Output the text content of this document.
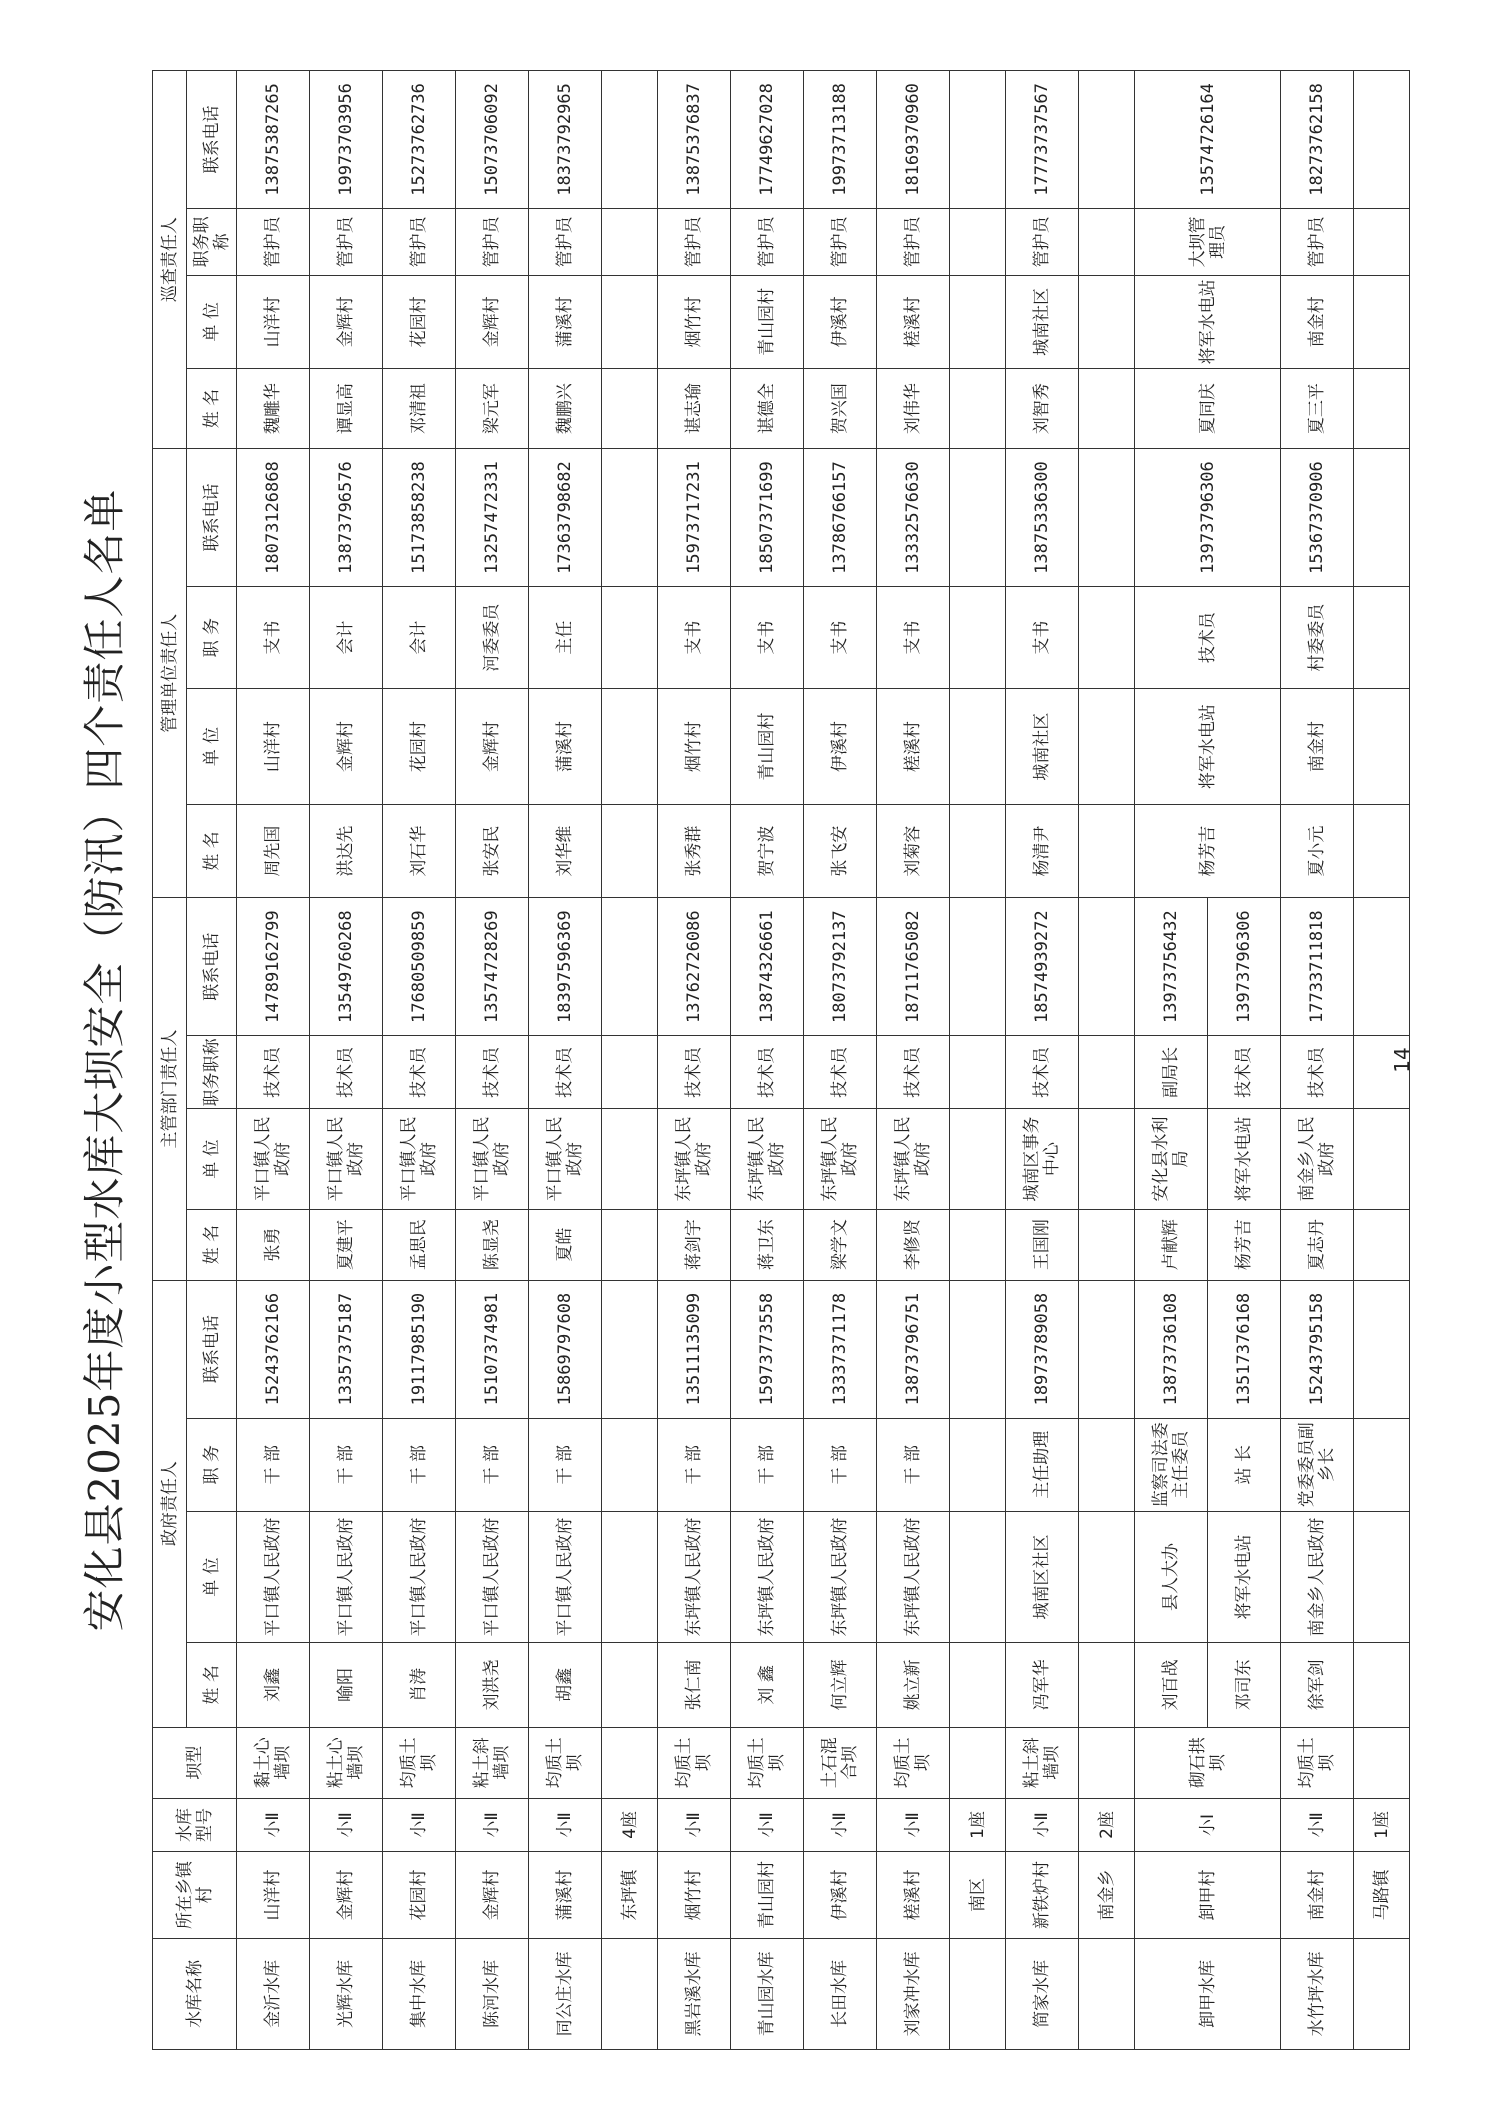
安化县2025年度小型水库大坝安全（防汛）四个责任人名单
水库名称	所在乡镇村	水库型号	坝型	政府责任人				主管部门责任人				管理单位责任人				巡查责任人			
				姓 名	单 位	职 务	联系电话	姓 名	单 位	职务职称	联系电话	姓 名	单 位	职 务	联系电话	姓 名	单 位	职务职称	联系电话
金沂水库	山洋村	小Ⅱ	黏土心墙坝	刘鑫	平口镇人民政府	干 部	15243762166	张勇	平口镇人民政府	技术员	14789162799	周先国	山洋村	支书	18073126868	魏雕华	山洋村	管护员	13875387265
光辉水库	金辉村	小Ⅱ	粘土心墙坝	喻阳	平口镇人民政府	干 部	13357375187	夏建平	平口镇人民政府	技术员	13549760268	洪达先	金辉村	会计	13873796576	谭显高	金辉村	管护员	19973703956
集中水库	花园村	小Ⅱ	均质土坝	肖涛	平口镇人民政府	干 部	19117985190	孟思民	平口镇人民政府	技术员	17680509859	刘石华	花园村	会计	15173858238	邓清祖	花园村	管护员	15273762736
陈河水库	金辉村	小Ⅱ	粘土斜墙坝	刘洪尧	平口镇人民政府	干 部	15107374981	陈显尧	平口镇人民政府	技术员	13574728269	张安民	金辉村	河委委员	13257472331	梁元军	金辉村	管护员	15073706092
同公庄水库	蒲溪村	小Ⅱ	均质土坝	胡鑫	平口镇人民政府	干 部	15869797608	夏皓	平口镇人民政府	技术员	18397596369	刘华维	蒲溪村	主任	17363798682	魏鹏兴	蒲溪村	管护员	18373792965
	东坪镇	4座																	
黑岩溪水库	烟竹村	小Ⅱ	均质土坝	张仁南	东坪镇人民政府	干 部	13511135099	蒋剑宇	东坪镇人民政府	技术员	13762726086	张秀群	烟竹村	支书	15973717231	谌志瑜	烟竹村	管护员	13875376837
青山园水库	青山园村	小Ⅱ	均质土坝	刘 鑫	东坪镇人民政府	干 部	15973773558	蒋卫东	东坪镇人民政府	技术员	13874326661	贺宁波	青山园村	支书	18507371699	谌德全	青山园村	管护员	17749627028
长田水库	伊溪村	小Ⅱ	土石混合坝	何立辉	东坪镇人民政府	干 部	13337371178	梁学文	东坪镇人民政府	技术员	18073792137	张飞安	伊溪村	支书	13786766157	贺兴国	伊溪村	管护员	19973713188
刘家冲水库	槎溪村	小Ⅱ	均质土坝	姚立新	东坪镇人民政府	干 部	13873796751	李修贤	东坪镇人民政府	技术员	18711765082	刘菊容	槎溪村	支书	13332576630	刘伟华	槎溪村	管护员	18169370960
	南区	1座																	
简家水库	新铁炉村	小Ⅱ	粘土斜墙坝	冯军华	城南区社区	主任助理	18973789058	王国刚	城南区事务中心	技术员	18574939272	杨清尹	城南社区	支书	13875336300	刘智秀	城南社区	管护员	17773737567
	南金乡	2座																	
卸甲水库	卸甲村	小Ⅰ	砌石拱坝	刘百战	县人大办	监察司法委主任委员	13873736108	卢献辉	安化县水利局	副局长	13973756432	杨芳吉	将军水电站	技术员	13973796306	夏同庆	将军水电站	大坝管理员	13574726164
				邓司东	将军水电站	站 长	13517376168	杨芳吉	将军水电站	技术员	13973796306								
水竹坪水库	南金村	小Ⅱ	均质土坝	徐军剑	南金乡人民政府	党委委员副乡长	15243795158	夏志丹	南金乡人民政府	技术员	17733711818	夏小元	南金村	村委委员	15367370906	夏三平	南金村	管护员	18273762158
	马路镇	1座																	
14
